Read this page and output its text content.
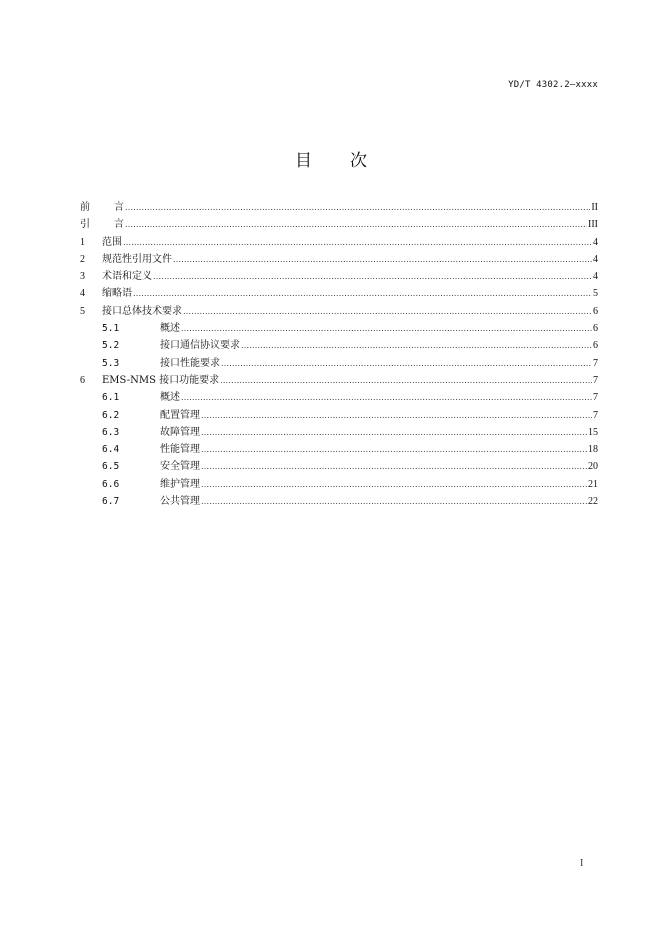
YD/T 4302.2—xxxx
目 次
前 言 .....	II
引 言 .....	III
1	范围 .....	4
2	规范性引用文件 .....	4
3	术语和定义 .....	4
4	缩略语 .....	5
5	接口总体技术要求 .....	6
5.1	概述 .....	6
5.2	接口通信协议要求 .....	6
5.3	接口性能要求 .....	7
6	EMS-NMS 接口功能要求 .....	7
6.1	概述 .....	7
6.2	配置管理 .....	7
6.3	故障管理 .....	15
6.4	性能管理 .....	18
6.5	安全管理 .....	20
6.6	维护管理 .....	21
6.7	公共管理 .....	22
I
